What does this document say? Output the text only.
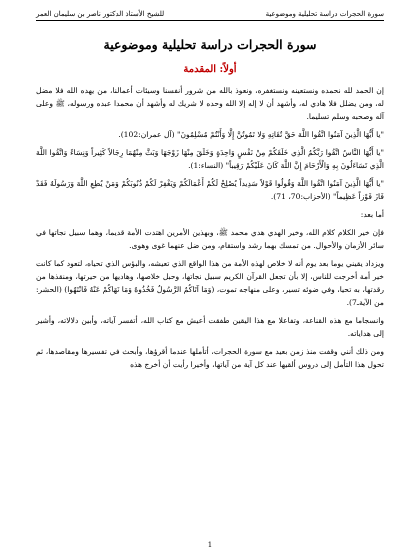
سورة الحجرات دراسة تحليلية وموضوعية
للشيخ الأستاذ الدكتور ناصر بن سليمان العمر
سورة الحجرات دراسة تحليلية وموضوعية
أولاً: المقدمة

إن الحمد لله نحمده ونستعينه ونستغفره، ونعوذ بالله من شرور أنفسنا وسيئات أعمالنا، من يهده الله فلا مضل له، ومن يضلل فلا هادي له، وأشهد أن لا إله إلا الله وحده لا شريك له وأشهد أن محمدا عبده ورسوله، ﷺ وعلى آله وصحبه وسلم تسليما.

"يا أَيُّهَا الَّذِينَ آمَنُوا اتَّقُوا اللَّهَ حَقَّ تُقَاتِهِ وَلا تَمُوتُنَّ إِلَّا وَأَنْتُمْ مُسْلِمُونَ" (آل عمران:102).

"يا أَيُّهَا النَّاسُ اتَّقُوا رَبَّكُمُ الَّذِي خَلَقَكُمْ مِنْ نَفْسٍ وَاحِدَةٍ وَخَلَقَ مِنْهَا زَوْجَهَا وَبَثَّ مِنْهُمَا رِجَالاً كَثِيراً وَنِسَاءً وَاتَّقُوا اللَّهَ الَّذِي تَسَاءَلُونَ بِهِ وَالْأَرْحَامَ إِنَّ اللَّهَ كَانَ عَلَيْكُمْ رَقِيباً" (النساء:1).

"يا أَيُّهَا الَّذِينَ آمَنُوا اتَّقُوا اللَّهَ وَقُولُوا قَوْلاً سَدِيداً يُصْلِحْ لَكُمْ أَعْمَالَكُمْ وَيَغْفِرْ لَكُمْ ذُنُوبَكُمْ وَمَنْ يُطِعِ اللَّهَ وَرَسُولَهُ فَقَدْ فَازَ فَوْزاً عَظِيماً" (الأحزاب:70، 71).

أما بعد:

فإن خير الكلام كلام الله، وخير الهدي هدي محمد ﷺ، وبهذين الأمرين اهتدت الأمة قديما، وهما سبيل نجاتها في سائر الأزمان والأحوال. من تمسك بهما رشد واستقام، ومن ضل عنهما غوى وهوى.

ويزداد يقيني يوما بعد يوم أنه لا خلاص لهذه الأمة من هذا الواقع الذي تعيشه، والبؤس الذي تحياه، لتعود كما كانت خير أمة أخرجت للناس، إلا بأن تجعل القرآن الكريم سبيل نجاتها، وحبل خلاصها، وهاديها من حيرتها، ومنقذها من رقدتها، به تحيا، وفي ضوئه تسير، وعلى منهاجه تموت، (وَمَا آتَاكُمُ الرَّسُولُ فَخُذُوهُ وَمَا نَهَاكُمْ عَنْهُ فَانْتَهُوا) (الحشر: من الآيةـ7).

وانسجاما مع هذه القناعة، وتفاعلا مع هذا اليقين طفقت أعيش مع كتاب الله، أتفسر آياته، وأبين دلالاته، وأشير إلى هداياته.

ومن ذلك أنني وقفت منذ زمن بعيد مع سورة الحجرات، أتأملها عندما أقرؤها، وأبحث في تفسيرها ومقاصدها، ثم تحول هذا التأمل إلى دروس ألقيها عند كل آية من آياتها، وأخيرا رأيت أن أخرج هذه

1
